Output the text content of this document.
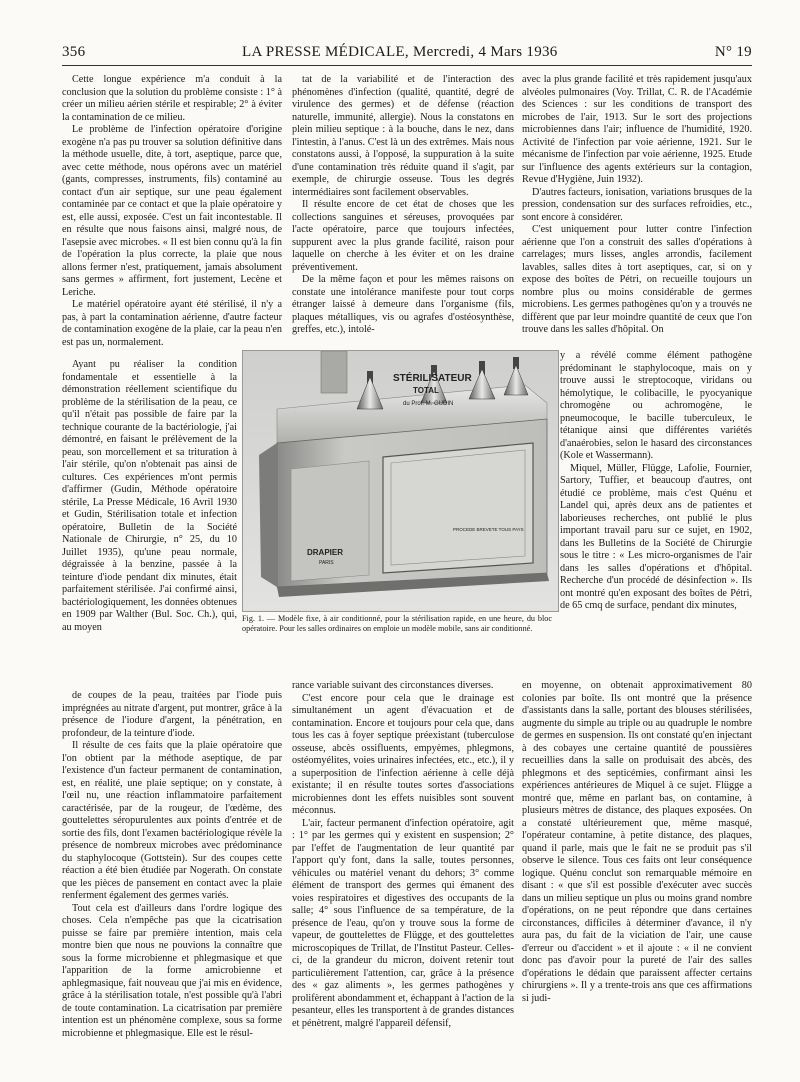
356	LA PRESSE MÉDICALE, Mercredi, 4 Mars 1936	N° 19

Cette longue expérience m'a conduit à la conclusion que la solution du problème consiste : 1° à créer un milieu aérien stérile et respirable; 2° à éviter la contamination de ce milieu.

Le problème de l'infection opératoire d'origine exogène n'a pas pu trouver sa solution définitive dans la méthode usuelle, dite, à tort, aseptique, parce que, avec cette méthode, nous opérons avec un matériel (gants, compresses, instruments, fils) contaminé au contact d'un air septique, sur une peau également contaminée par ce contact et que la plaie opératoire y est, elle aussi, exposée. C'est un fait incontestable. Il en résulte que nous faisons ainsi, malgré nous, de l'asepsie avec microbes. « Il est bien connu qu'à la fin de l'opération la plus correcte, la plaie que nous allons fermer n'est, pratiquement, jamais absolument sans germes » affirment, fort justement, Lecène et Leriche.

Le matériel opératoire ayant été stérilisé, il n'y a pas, à part la contamination aérienne, d'autre facteur de contamination exogène de la plaie, car la peau n'en est pas un, normalement.

Ayant pu réaliser la condition fondamentale et essentielle à la démonstration réellement scientifique du problème de la stérilisation de la peau, ce qu'il n'était pas possible de faire par la technique courante de la bactériologie, j'ai démontré, en faisant le prélèvement de la peau, son morcellement et sa trituration à l'air stérile, qu'on n'obtenait pas ainsi de cultures. Ces expériences m'ont permis d'affirmer (Gudin, Méthode opératoire stérile, La Presse Médicale, 16 Avril 1930 et Gudin, Stérilisation totale et infection opératoire, Bulletin de la Société Nationale de Chirurgie, n° 25, du 10 Juillet 1935), qu'une peau normale, dégraissée à la benzine, passée à la teinture d'iode pendant dix minutes, était parfaitement stérilisée. J'ai confirmé ainsi, bactériologiquement, les données obtenues en 1909 par Walther (Bul. Soc. Ch.), qui, au moyen

de coupes de la peau, traitées par l'iode puis imprégnées au nitrate d'argent, put montrer, grâce à la présence de l'iodure d'argent, la pénétration, en profondeur, de la teinture d'iode.

Il résulte de ces faits que la plaie opératoire que l'on obtient par la méthode aseptique, de par l'existence d'un facteur permanent de contamination, est, en réalité, une plaie septique; on y constate, à l'œil nu, une réaction inflammatoire parfaitement caractérisée, par de la rougeur, de l'œdème, des gouttelettes séropurulentes aux points d'entrée et de sortie des fils, dont l'examen bactériologique révèle la présence de nombreux microbes avec prédominance du staphylocoque (Gottstein). Sur des coupes cette réaction a été bien étudiée par Nogerath. On constate que les pièces de pansement en contact avec la plaie renferment également des germes variés.

Tout cela est d'ailleurs dans l'ordre logique des choses. Cela n'empêche pas que la cicatrisation puisse se faire par première intention, mais cela montre bien que nous ne pouvions la connaître que sous la forme microbienne et phlegmasique et que l'apparition de la forme amicrobienne et aphlegmasique, fait nouveau que j'ai mis en évidence, grâce à la stérilisation totale, n'est possible qu'à l'abri de toute contamination. La cicatrisation par première intention est un phénomène complexe, sous sa forme microbienne et phlegmasique. Elle est le résul-

tat de la variabilité et de l'interaction des phénomènes d'infection (qualité, quantité, degré de virulence des germes) et de défense (réaction naturelle, immunité, allergie). Nous la constatons en plein milieu septique : à la bouche, dans le nez, dans l'intestin, à l'anus. C'est là un des extrêmes. Mais nous constatons aussi, à l'opposé, la suppuration à la suite d'une contamination très réduite quand il s'agit, par exemple, de chirurgie osseuse. Tous les degrés intermédiaires sont facilement observables.

Il résulte encore de cet état de choses que les collections sanguines et séreuses, provoquées par l'acte opératoire, parce que toujours infectées, suppurent avec la plus grande facilité, raison pour laquelle on cherche à les éviter et on les draine préventivement.

De la même façon et pour les mêmes raisons on constate une intolérance manifeste pour tout corps étranger laissé à demeure dans l'organisme (fils, plaques métalliques, vis ou agrafes d'ostéosynthèse, greffes, etc.), intolé-

rance variable suivant des circonstances diverses.

C'est encore pour cela que le drainage est simultanément un agent d'évacuation et de contamination. Encore et toujours pour cela que, dans tous les cas à foyer septique préexistant (tuberculose osseuse, abcès ossifluents, empyèmes, phlegmons, ostéomyélites, voies urinaires infectées, etc., etc.), il y a superposition de l'infection aérienne à celle déjà existante; il en résulte toutes sortes d'associations microbiennes dont les effets nuisibles sont souvent méconnus.

L'air, facteur permanent d'infection opératoire, agit : 1° par les germes qui y existent en suspension; 2° par l'effet de l'augmentation de leur quantité par l'apport qu'y font, dans la salle, toutes personnes, véhicules ou matériel venant du dehors; 3° comme élément de transport des germes qui émanent des voies respiratoires et digestives des occupants de la salle; 4° sous l'influence de sa température, de la présence de l'eau, qu'on y trouve sous la forme de vapeur, de gouttelettes de Flügge, et des gouttelettes microscopiques de Trillat, de l'Institut Pasteur. Celles-ci, de la grandeur du micron, doivent retenir tout particulièrement l'attention, car, grâce à la présence des « gaz aliments », les germes pathogènes y prolifèrent abondamment et, échappant à l'action de la pesanteur, elles les transportent à de grandes distances et pénètrent, malgré l'appareil défensif,

avec la plus grande facilité et très rapidement jusqu'aux alvéoles pulmonaires (Voy. Trillat, C. R. de l'Académie des Sciences : sur les conditions de transport des microbes de l'air, 1913. Sur le sort des projections microbiennes dans l'air; influence de l'humidité, 1920. Activité de l'infection par voie aérienne, 1921. Sur le mécanisme de l'infection par voie aérienne, 1925. Etude sur l'influence des agents extérieurs sur la contagion, Revue d'Hygiène, Juin 1932).

D'autres facteurs, ionisation, variations brusques de la pression, condensation sur des surfaces refroidies, etc., sont encore à considérer.

C'est uniquement pour lutter contre l'infection aérienne que l'on a construit des salles d'opérations à carrelages; murs lisses, angles arrondis, facilement lavables, salles dites à tort aseptiques, car, si on y expose des boîtes de Pétri, on recueille toujours un nombre plus ou moins considérable de germes microbiens. Les germes pathogènes qu'on y a trouvés ne diffèrent que par leur moindre quantité de ceux que l'on trouve dans les salles d'hôpital. On

y a révélé comme élément pathogène prédominant le staphylocoque, mais on y trouve aussi le streptocoque, viridans ou hémolytique, le colibacille, le pyocyanique chromogène ou achromogène, le pneumocoque, le bacille tuberculeux, le tétanique ainsi que différentes variétés d'anaérobies, selon le hasard des circonstances (Kole et Wassermann).

Miquel, Müller, Flügge, Lafolie, Fournier, Sartory, Tuffier, et beaucoup d'autres, ont étudié ce problème, mais c'est Quénu et Landel qui, après deux ans de patientes et laborieuses recherches, ont publié le plus important travail paru sur ce sujet, en 1902, dans les Bulletins de la Société de Chirurgie sous le titre : « Les micro-organismes de l'air dans les salles d'opérations et d'hôpital. Recherche d'un procédé de désinfection ». Ils ont montré qu'en exposant des boîtes de Pétri, de 65 cmq de surface, pendant dix minutes,

en moyenne, on obtenait approximativement 80 colonies par boîte. Ils ont montré que la présence d'assistants dans la salle, portant des blouses stérilisées, augmente du simple au triple ou au quadruple le nombre de germes en suspension. Ils ont constaté qu'en injectant à des cobayes une certaine quantité de poussières recueillies dans la salle on produisait des abcès, des phlegmons et des septicémies, confirmant ainsi les expériences antérieures de Miquel à ce sujet. Flügge a montré que, même en parlant bas, on contamine, à plusieurs mètres de distance, des plaques exposées. On a constaté ultérieurement que, même masqué, l'opérateur contamine, à petite distance, des plaques, quand il parle, mais que le fait ne se produit pas s'il observe le silence. Tous ces faits ont leur conséquence logique. Quénu conclut son remarquable mémoire en disant : « que s'il est possible d'exécuter avec succès dans un milieu septique un plus ou moins grand nombre d'opérations, on ne peut répondre que dans certaines circonstances, difficiles à déterminer d'avance, il n'y aura pas, du fait de la viciation de l'air, une cause d'erreur ou d'accident » et il ajoute : « il ne convient donc pas d'avoir pour la pureté de l'air des salles d'opérations le dédain que paraissent affecter certains chirurgiens ». Il y a trente-trois ans que ces affirmations si judi-

STÉRILISATEUR
TOTAL
du Prof. M. GUDIN
DRAPIER
PARIS
PROCEDE BREVETE TOUS PAYS
Fig. 1. — Modèle fixe, à air conditionné, pour la stérilisation rapide, en une heure, du bloc opératoire. Pour les salles ordinaires on emploie un modèle mobile, sans air conditionné.
